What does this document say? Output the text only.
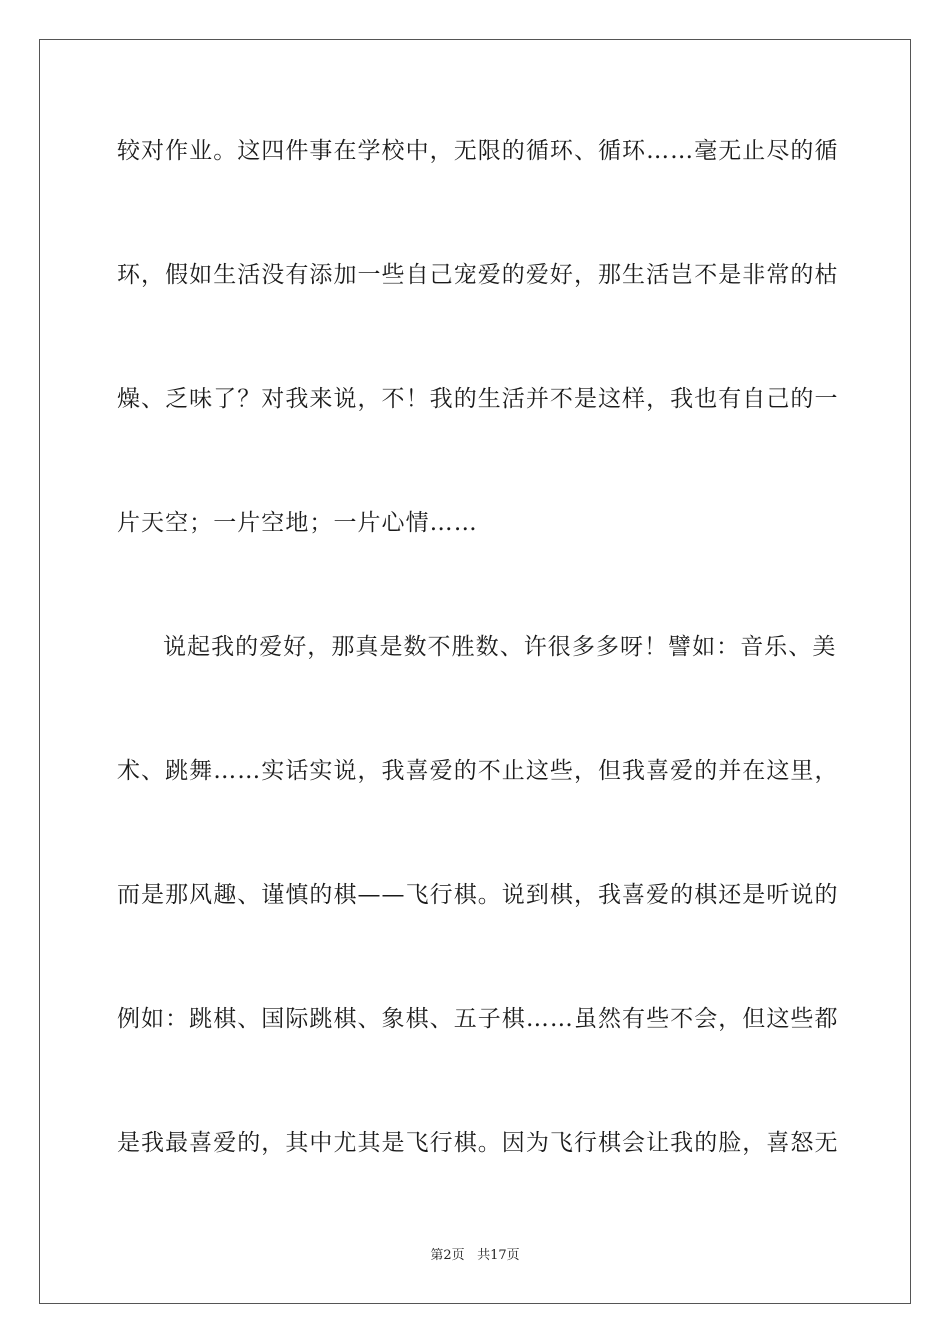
较对作业。这四件事在学校中，无限的循环、循环……毫无止尽的循
环，假如生活没有添加一些自己宠爱的爱好，那生活岂不是非常的枯
燥、乏味了？对我来说，不！我的生活并不是这样，我也有自己的一
片天空；一片空地；一片心情……
说起我的爱好，那真是数不胜数、许很多多呀！譬如：音乐、美
术、跳舞……实话实说，我喜爱的不止这些，但我喜爱的并在这里，
而是那风趣、谨慎的棋——飞行棋。说到棋，我喜爱的棋还是听说的
例如：跳棋、国际跳棋、象棋、五子棋……虽然有些不会，但这些都
是我最喜爱的，其中尤其是飞行棋。因为飞行棋会让我的脸，喜怒无
第2页 共17页
